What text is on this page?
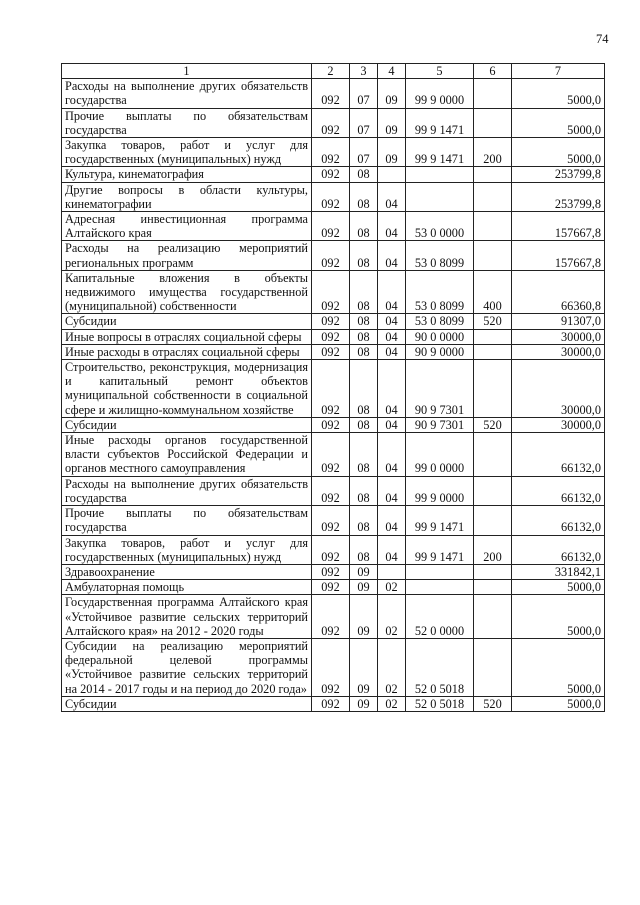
74
1	2	3	4	5	6	7
Расходы на выполнение других обязательств государства	092	07	09	99 9 0000		5000,0
Прочие выплаты по обязательствам государства	092	07	09	99 9 1471		5000,0
Закупка товаров, работ и услуг для государственных (муниципальных) нужд	092	07	09	99 9 1471	200	5000,0
Культура, кинематография	092	08				253799,8
Другие вопросы в области культуры, кинематографии	092	08	04			253799,8
Адресная инвестиционная программа Алтайского края	092	08	04	53 0 0000		157667,8
Расходы на реализацию мероприятий региональных программ	092	08	04	53 0 8099		157667,8
Капитальные вложения в объекты недвижимого имущества государственной (муниципальной) собственности	092	08	04	53 0 8099	400	66360,8
Субсидии	092	08	04	53 0 8099	520	91307,0
Иные вопросы в отраслях социальной сферы	092	08	04	90 0 0000		30000,0
Иные расходы в отраслях социальной сферы	092	08	04	90 9 0000		30000,0
Строительство, реконструкция, модернизация и капитальный ремонт объектов муниципальной собственности в социальной сфере и жилищно-коммунальном хозяйстве	092	08	04	90 9 7301		30000,0
Субсидии	092	08	04	90 9 7301	520	30000,0
Иные расходы органов государственной власти субъектов Российской Федерации и органов местного самоуправления	092	08	04	99 0 0000		66132,0
Расходы на выполнение других обязательств государства	092	08	04	99 9 0000		66132,0
Прочие выплаты по обязательствам государства	092	08	04	99 9 1471		66132,0
Закупка товаров, работ и услуг для государственных (муниципальных) нужд	092	08	04	99 9 1471	200	66132,0
Здравоохранение	092	09				331842,1
Амбулаторная помощь	092	09	02			5000,0
Государственная программа Алтайского края «Устойчивое развитие сельских территорий Алтайского края» на 2012 - 2020 годы	092	09	02	52 0 0000		5000,0
Субсидии на реализацию мероприятий федеральной целевой программы «Устойчивое развитие сельских территорий на 2014 - 2017 годы и на период до 2020 года»	092	09	02	52 0 5018		5000,0
Субсидии	092	09	02	52 0 5018	520	5000,0
